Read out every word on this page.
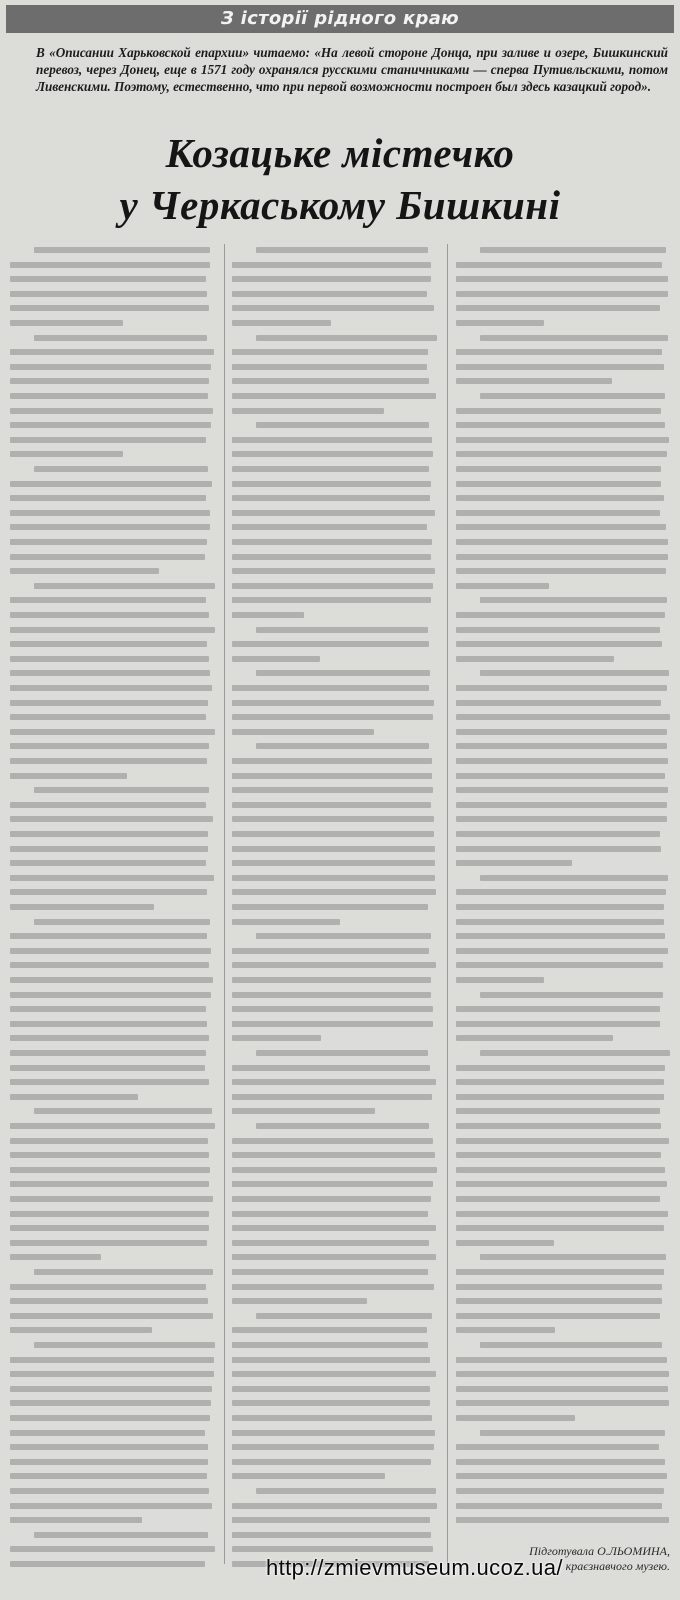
З історії рідного краю
В «Описании Харьковской епархии» читаемо: «На левой стороне Донца, при заливе и озере, Бишкинский перевоз, через Донец, еще в 1571 году охранялся русскими станичниками — сперва Путивльскими, потом Ливенскими. Поэтому, естественно, что при первой возможности построен был здесь казацкий город».
Козацьке містечко
у Черкаському Бишкині
Підготувала О.ЛЬОМИНА,
краєзнавчого музею.
http://zmievmuseum.ucoz.ua/
